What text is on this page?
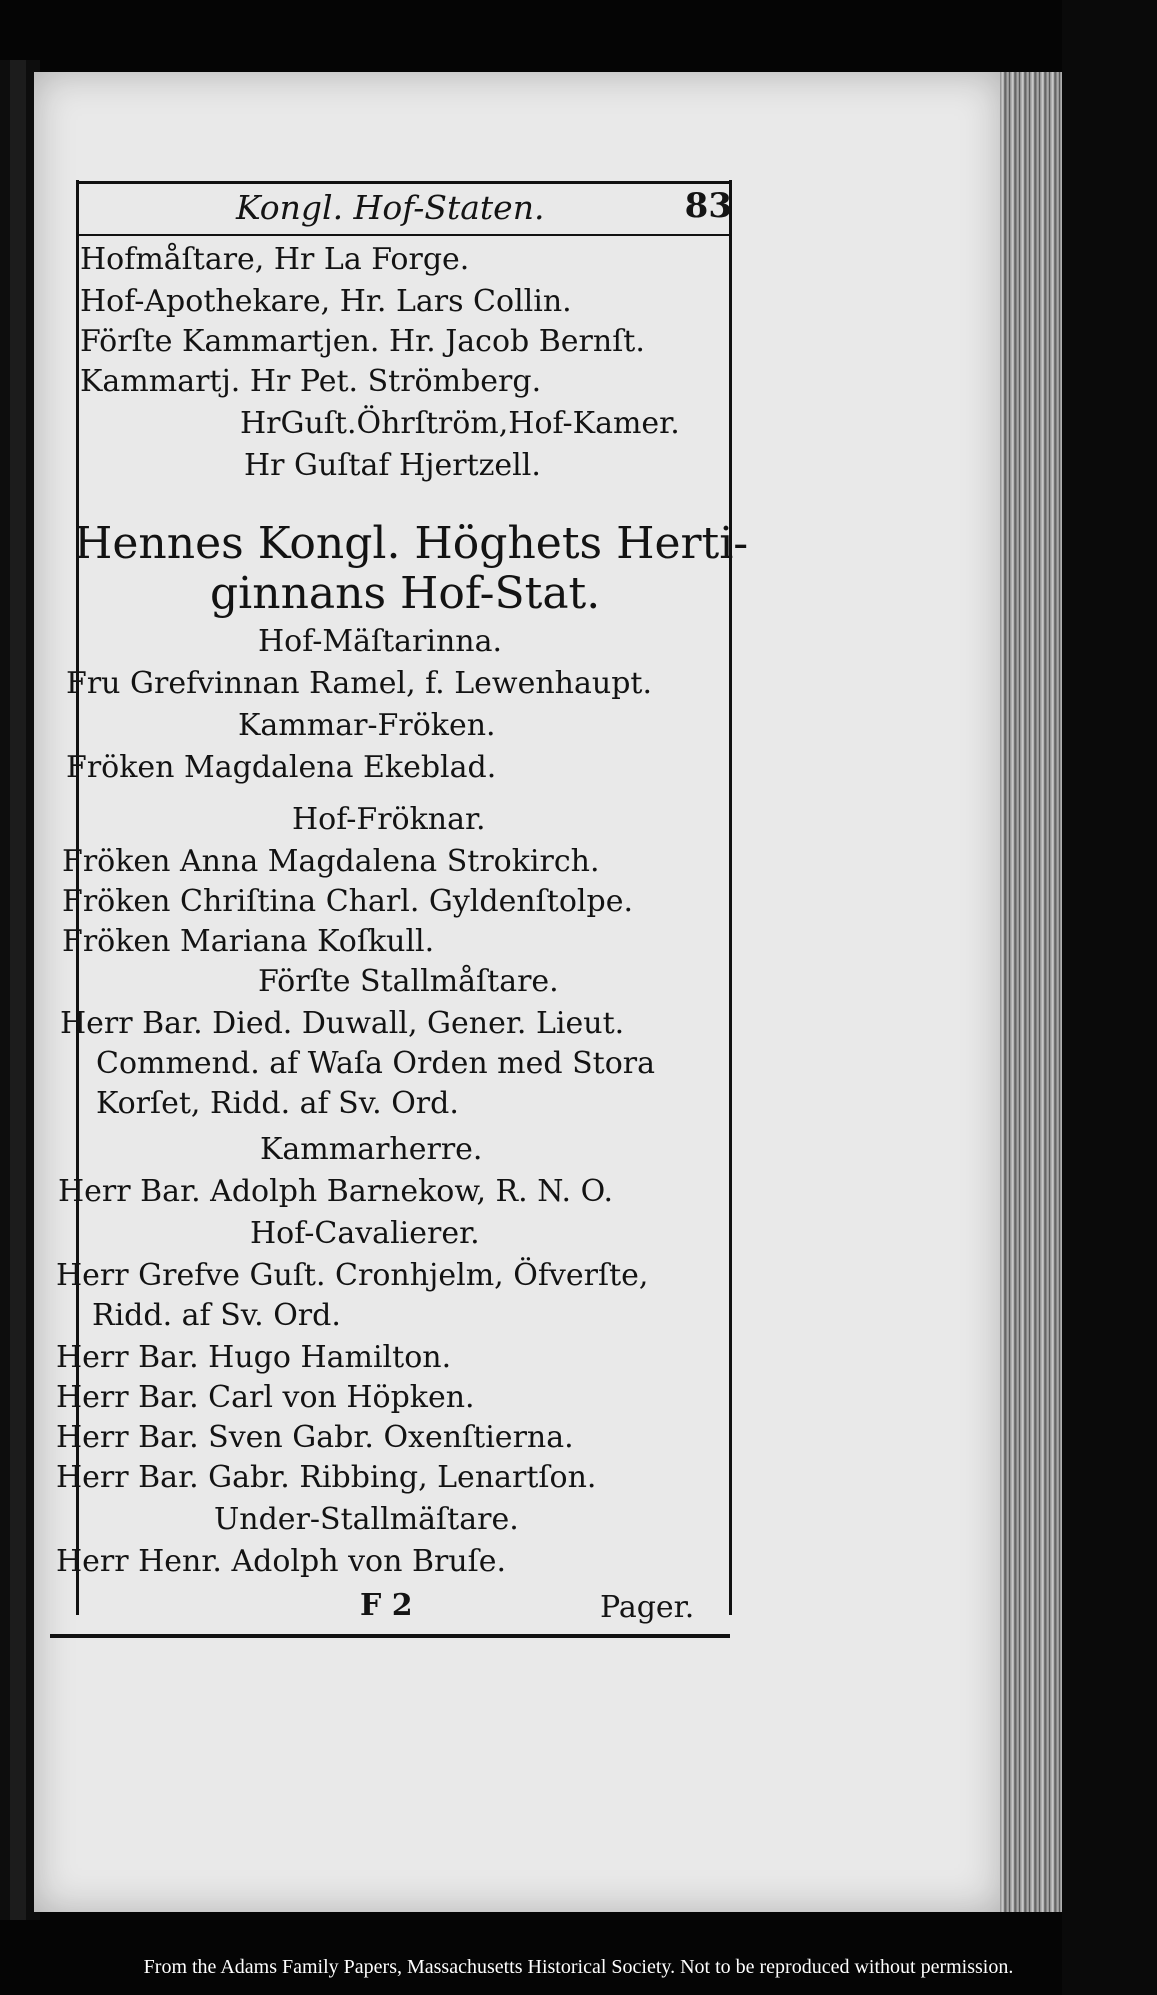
Kongl. Hof-Staten.	83
Hofmåſtare, Hr La Forge.
Hof-Apothekare, Hr. Lars Collin.
Förſte Kammartjen. Hr. Jacob Bernſt.
Kammartj. Hr Pet. Strömberg.
HrGuſt.Öhrſtröm,Hof-Kamer.
Hr Guſtaf Hjertzell.
Hennes Kongl. Höghets Herti-
ginnans Hof-Stat.
Hof-Mäſtarinna.
Fru Grefvinnan Ramel, f. Lewenhaupt.
Kammar-Fröken.
Fröken Magdalena Ekeblad.
Hof-Fröknar.
Fröken Anna Magdalena Strokirch.
Fröken Chriſtina Charl. Gyldenſtolpe.
Fröken Mariana Koſkull.
Förſte Stallmåſtare.
Herr Bar. Died. Duwall, Gener. Lieut.
Commend. af Waſa Orden med Stora
Korſet, Ridd. af Sv. Ord.
Kammarherre.
Herr Bar. Adolph Barnekow, R. N. O.
Hof-Cavalierer.
Herr Grefve Guſt. Cronhjelm, Öfverſte,
Ridd. af Sv. Ord.
Herr Bar. Hugo Hamilton.
Herr Bar. Carl von Höpken.
Herr Bar. Sven Gabr. Oxenſtierna.
Herr Bar. Gabr. Ribbing, Lenartſon.
Under-Stallmäſtare.
Herr Henr. Adolph von Bruſe.
F 2	Pager.
From the Adams Family Papers, Massachusetts Historical Society. Not to be reproduced without permission.
